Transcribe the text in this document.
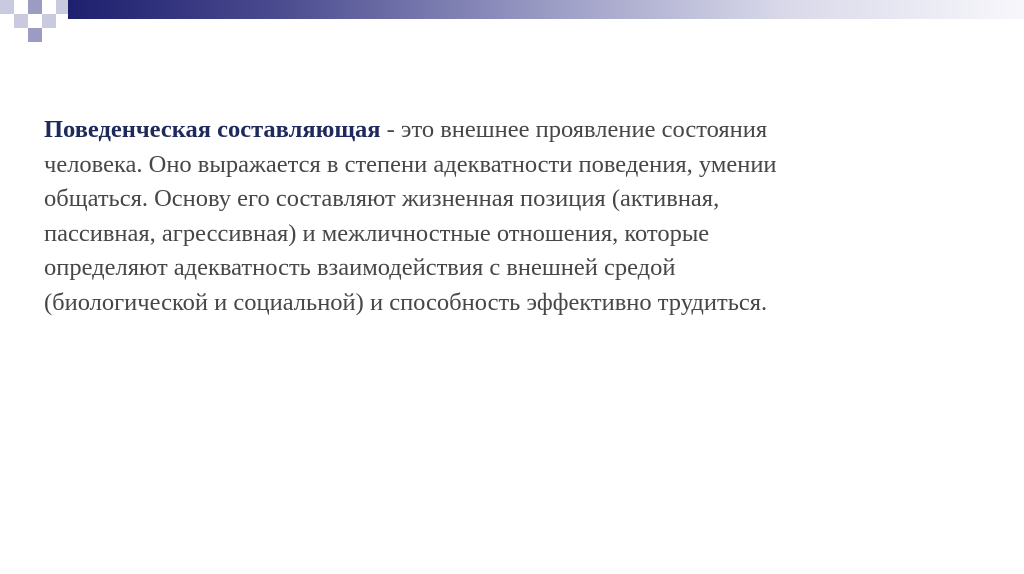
Поведенческая составляющая - это внешнее проявление состояния
человека. Оно выражается в степени адекватности поведения, умении
общаться. Основу его составляют жизненная позиция (активная,
пассивная, агрессивная) и межличностные отношения, которые
определяют адекватность взаимодействия с внешней средой
(биологической и социальной) и способность эффективно трудиться.
